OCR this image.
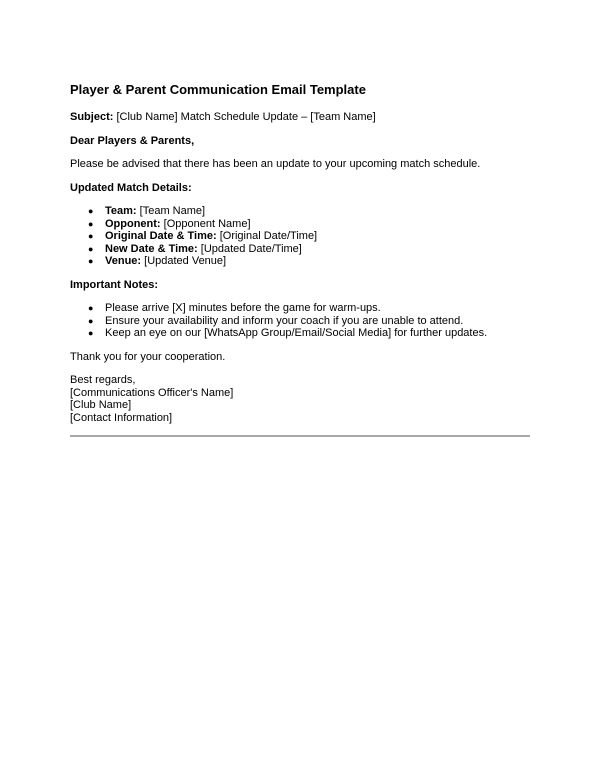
Player & Parent Communication Email Template

Subject: [Club Name] Match Schedule Update – [Team Name]

Dear Players & Parents,

Please be advised that there has been an update to your upcoming match schedule.

Updated Match Details:

● Team: [Team Name]
● Opponent: [Opponent Name]
● Original Date & Time: [Original Date/Time]
● New Date & Time: [Updated Date/Time]
● Venue: [Updated Venue]

Important Notes:

● Please arrive [X] minutes before the game for warm-ups.
● Ensure your availability and inform your coach if you are unable to attend.
● Keep an eye on our [WhatsApp Group/Email/Social Media] for further updates.

Thank you for your cooperation.

Best regards,

[Communications Officer's Name]

[Club Name]

[Contact Information]
